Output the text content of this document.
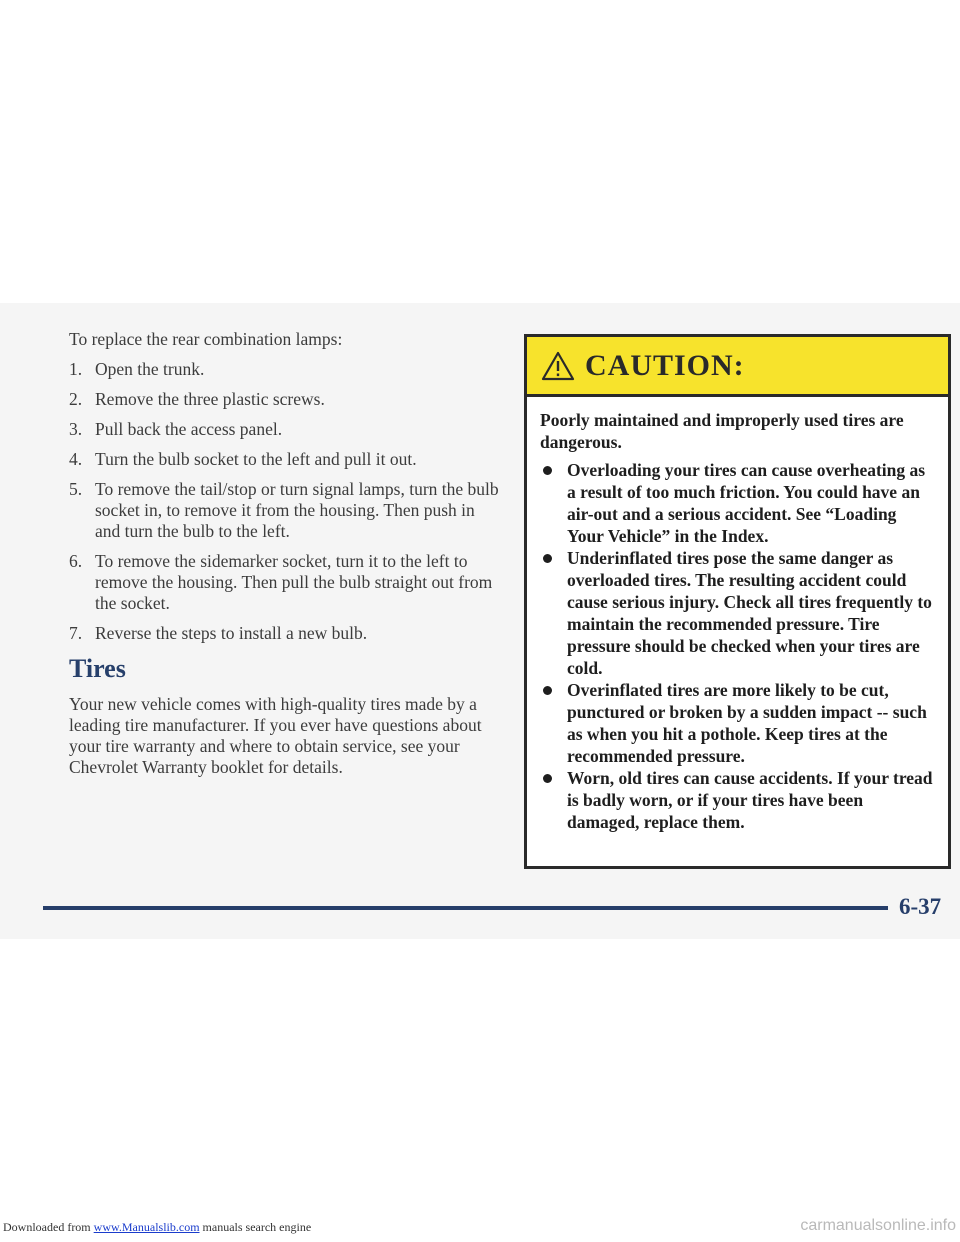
To replace the rear combination lamps:

1. Open the trunk.
2. Remove the three plastic screws.
3. Pull back the access panel.
4. Turn the bulb socket to the left and pull it out.
5. To remove the tail/stop or turn signal lamps, turn the bulb socket in, to remove it from the housing. Then push in and turn the bulb to the left.
6. To remove the sidemarker socket, turn it to the left to remove the housing. Then pull the bulb straight out from the socket.
7. Reverse the steps to install a new bulb.
Tires

Your new vehicle comes with high-quality tires made by a leading tire manufacturer. If you ever have questions about your tire warranty and where to obtain service, see your Chevrolet Warranty booklet for details.

CAUTION:

Poorly maintained and improperly used tires are dangerous.

Overloading your tires can cause overheating as a result of too much friction. You could have an air-out and a serious accident. See “Loading Your Vehicle” in the Index.
Underinflated tires pose the same danger as overloaded tires. The resulting accident could cause serious injury. Check all tires frequently to maintain the recommended pressure. Tire pressure should be checked when your tires are cold.
Overinflated tires are more likely to be cut, punctured or broken by a sudden impact -- such as when you hit a pothole. Keep tires at the recommended pressure.
Worn, old tires can cause accidents. If your tread is badly worn, or if your tires have been damaged, replace them.
6-37
Downloaded from www.Manualslib.com manuals search engine	carmanualsonline.info
